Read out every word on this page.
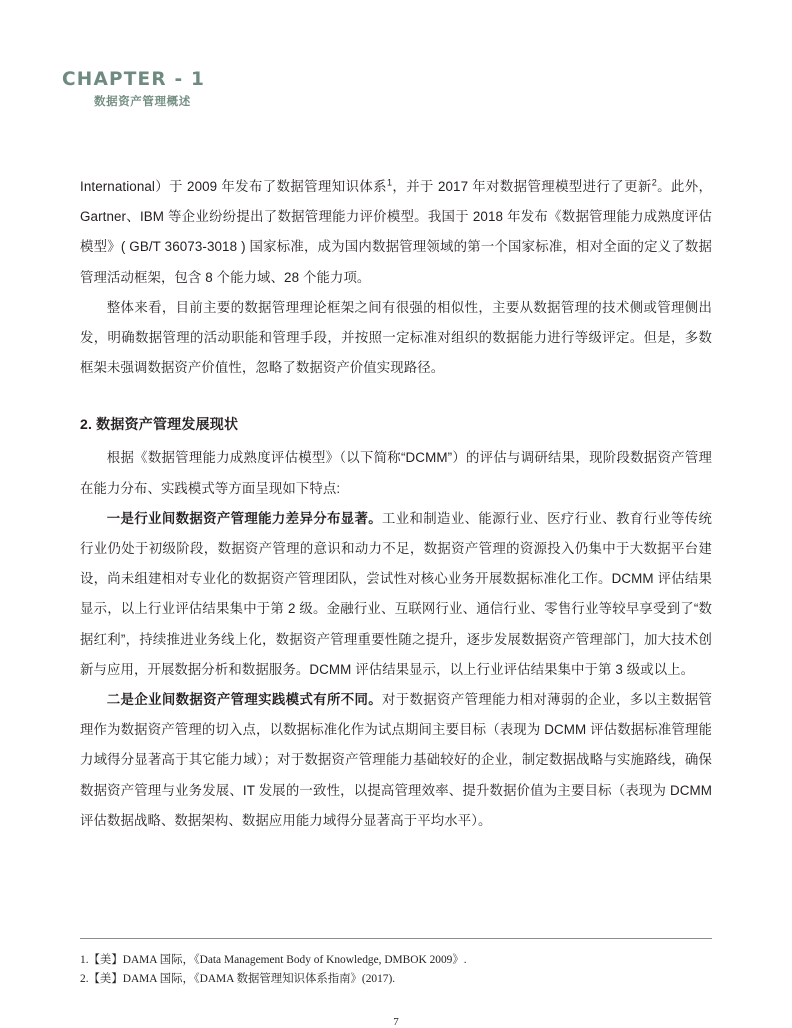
CHAPTER - 1
数据资产管理概述

International）于 2009 年发布了数据管理知识体系$^1$，并于 2017 年对数据管理模型进行了更新$^2$。此外，Gartner、IBM 等企业纷纷提出了数据管理能力评价模型。我国于 2018 年发布《数据管理能力成熟度评估模型》( GB/T 36073-3018 ) 国家标准，成为国内数据管理领域的第一个国家标准，相对全面的定义了数据管理活动框架，包含 8 个能力域、28 个能力项。

整体来看，目前主要的数据管理理论框架之间有很强的相似性，主要从数据管理的技术侧或管理侧出发，明确数据管理的活动职能和管理手段，并按照一定标准对组织的数据能力进行等级评定。但是，多数框架未强调数据资产价值性，忽略了数据资产价值实现路径。

2. 数据资产管理发展现状

根据《数据管理能力成熟度评估模型》（以下简称“DCMM”）的评估与调研结果，现阶段数据资产管理在能力分布、实践模式等方面呈现如下特点:

一是行业间数据资产管理能力差异分布显著。工业和制造业、能源行业、医疗行业、教育行业等传统行业仍处于初级阶段，数据资产管理的意识和动力不足，数据资产管理的资源投入仍集中于大数据平台建设，尚未组建相对专业化的数据资产管理团队，尝试性对核心业务开展数据标准化工作。DCMM 评估结果显示，以上行业评估结果集中于第 2 级。金融行业、互联网行业、通信行业、零售行业等较早享受到了“数据红利”，持续推进业务线上化，数据资产管理重要性随之提升，逐步发展数据资产管理部门，加大技术创新与应用，开展数据分析和数据服务。DCMM 评估结果显示，以上行业评估结果集中于第 3 级或以上。

二是企业间数据资产管理实践模式有所不同。对于数据资产管理能力相对薄弱的企业，多以主数据管理作为数据资产管理的切入点，以数据标准化作为试点期间主要目标（表现为 DCMM 评估数据标准管理能力域得分显著高于其它能力域）；对于数据资产管理能力基础较好的企业，制定数据战略与实施路线，确保数据资产管理与业务发展、IT 发展的一致性，以提高管理效率、提升数据价值为主要目标（表现为 DCMM 评估数据战略、数据架构、数据应用能力域得分显著高于平均水平）。

1.【美】DAMA 国际，《Data Management Body of Knowledge, DMBOK 2009》.
2.【美】DAMA 国际，《DAMA 数据管理知识体系指南》(2017).
7
